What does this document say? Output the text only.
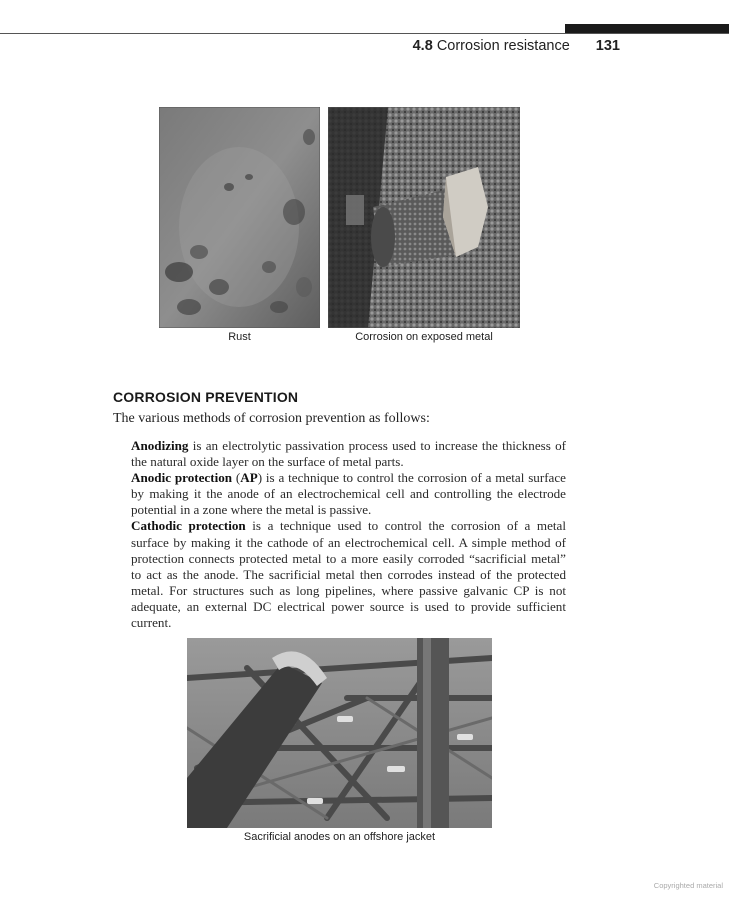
4.8 Corrosion resistance 131
Rust	Corrosion on exposed metal
CORROSION PREVENTION
The various methods of corrosion prevention as follows:

Anodizing is an electrolytic passivation process used to increase the thickness of the natural oxide layer on the surface of metal parts.

Anodic protection (AP) is a technique to control the corrosion of a metal surface by making it the anode of an electrochemical cell and controlling the electrode potential in a zone where the metal is passive.

Cathodic protection is a technique used to control the corrosion of a metal surface by making it the cathode of an electrochemical cell. A simple method of protection connects protected metal to a more easily corroded “sacrificial metal” to act as the anode. The sacrificial metal then corrodes instead of the protected metal. For structures such as long pipelines, where passive galvanic CP is not adequate, an external DC electrical power source is used to provide sufficient current.

Sacrificial anodes on an offshore jacket
Copyrighted material
